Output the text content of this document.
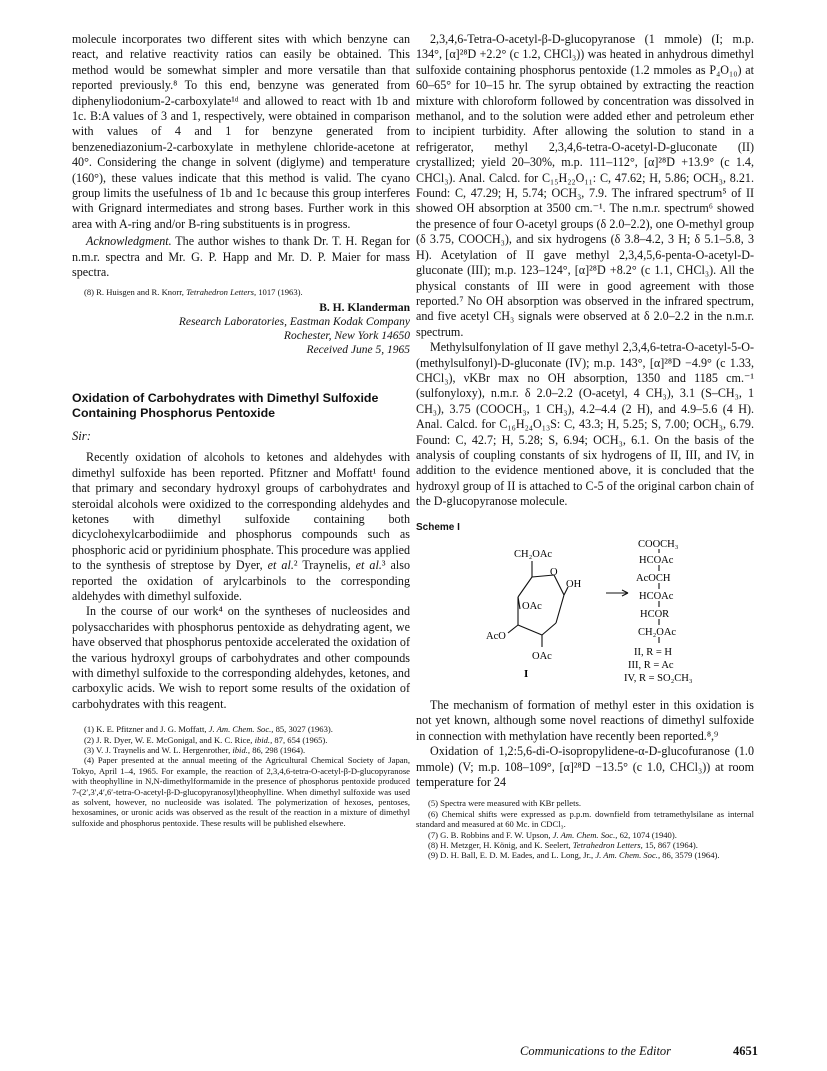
molecule incorporates two different sites with which benzyne can react, and relative reactivity ratios can easily be obtained. This method would be somewhat simpler and more versatile than that reported previously.⁸ To this end, benzyne was generated from diphenyliodonium-2-carboxylate¹ᵈ and allowed to react with 1b and 1c. B:A values of 3 and 1, respectively, were obtained in comparison with values of 4 and 1 for benzyne generated from benzenediazonium-2-carboxylate in methylene chloride-acetone at 40°. Considering the change in solvent (diglyme) and temperature (160°), these values indicate that this method is valid. The cyano group limits the usefulness of 1b and 1c because this group interferes with Grignard intermediates and strong bases. Further work in this area with A-ring and/or B-ring substituents is in progress.

Acknowledgment. The author wishes to thank Dr. T. H. Regan for n.m.r. spectra and Mr. G. P. Happ and Mr. D. P. Maier for mass spectra.

(8) R. Huisgen and R. Knorr, Tetrahedron Letters, 1017 (1963).

B. H. Klanderman

Research Laboratories, Eastman Kodak Company

Rochester, New York 14650

Received June 5, 1965

Oxidation of Carbohydrates with Dimethyl Sulfoxide Containing Phosphorus Pentoxide

Sir:

Recently oxidation of alcohols to ketones and aldehydes with dimethyl sulfoxide has been reported. Pfitzner and Moffatt¹ found that primary and secondary hydroxyl groups of carbohydrates and steroidal alcohols were oxidized to the corresponding aldehydes and ketones with dimethyl sulfoxide containing both dicyclohexylcarbodiimide and phosphorus compounds such as phosphoric acid or pyridinium phosphate. This procedure was applied to the synthesis of streptose by Dyer, et al.² Traynelis, et al.³ also reported the oxidation of arylcarbinols to the corresponding aldehydes with dimethyl sulfoxide.

In the course of our work⁴ on the syntheses of nucleosides and polysaccharides with phosphorus pentoxide as dehydrating agent, we have observed that phosphorus pentoxide accelerated the oxidation of the various hydroxyl groups of carbohydrates and other compounds with dimethyl sulfoxide to the corresponding aldehydes, ketones, and carboxylic acids. We wish to report some results of the oxidation of carbohydrates with this reagent.

(1) K. E. Pfitzner and J. G. Moffatt, J. Am. Chem. Soc., 85, 3027 (1963).

(2) J. R. Dyer, W. E. McGonigal, and K. C. Rice, ibid., 87, 654 (1965).

(3) V. J. Traynelis and W. L. Hergenrother, ibid., 86, 298 (1964).

(4) Paper presented at the annual meeting of the Agricultural Chemical Society of Japan, Tokyo, April 1–4, 1965. For example, the reaction of 2,3,4,6-tetra-O-acetyl-β-D-glucopyranose with theophylline in N,N-dimethylformamide in the presence of phosphorus pentoxide produced 7-(2′,3′,4′,6′-tetra-O-acetyl-β-D-glucopyranosyl)theophylline. When dimethyl sulfoxide was used as solvent, however, no nucleoside was isolated. The polymerization of hexoses, pentoses, hexosamines, or uronic acids was observed as the result of the reaction in a mixture of dimethyl sulfoxide and phosphorus pentoxide. These results will be published elsewhere.

2,3,4,6-Tetra-O-acetyl-β-D-glucopyranose (1 mmole) (I; m.p. 134°, [α]²⁸D +2.2° (c 1.2, CHCl₃)) was heated in anhydrous dimethyl sulfoxide containing phosphorus pentoxide (1.2 mmoles as P₄O₁₀) at 60–65° for 10–15 hr. The syrup obtained by extracting the reaction mixture with chloroform followed by concentration was dissolved in methanol, and to the solution were added ether and petroleum ether to incipient turbidity. After allowing the solution to stand in a refrigerator, methyl 2,3,4,6-tetra-O-acetyl-D-gluconate (II) crystallized; yield 20–30%, m.p. 111–112°, [α]²⁸D +13.9° (c 1.4, CHCl₃). Anal. Calcd. for C₁₅H₂₂O₁₁: C, 47.62; H, 5.86; OCH₃, 8.21. Found: C, 47.29; H, 5.74; OCH₃, 7.9. The infrared spectrum⁵ of II showed OH absorption at 3500 cm.⁻¹. The n.m.r. spectrum⁶ showed the presence of four O-acetyl groups (δ 2.0–2.2), one O-methyl group (δ 3.75, COOCH₃), and six hydrogens (δ 3.8–4.2, 3 H; δ 5.1–5.8, 3 H). Acetylation of II gave methyl 2,3,4,5,6-penta-O-acetyl-D-gluconate (III); m.p. 123–124°, [α]²⁸D +8.2° (c 1.1, CHCl₃). All the physical constants of III were in good agreement with those reported.⁷ No OH absorption was observed in the infrared spectrum, and five acetyl CH₃ signals were observed at δ 2.0–2.2 in the n.m.r. spectrum.

Methylsulfonylation of II gave methyl 2,3,4,6-tetra-O-acetyl-5-O-(methylsulfonyl)-D-gluconate (IV); m.p. 143°, [α]²⁸D −4.9° (c 1.33, CHCl₃), νKBr max no OH absorption, 1350 and 1185 cm.⁻¹ (sulfonyloxy), n.m.r. δ 2.0–2.2 (O-acetyl, 4 CH₃), 3.1 (S–CH₃, 1 CH₃), 3.75 (COOCH₃, 1 CH₃), 4.2–4.4 (2 H), and 4.9–5.6 (4 H). Anal. Calcd. for C₁₆H₂₄O₁₃S: C, 43.3; H, 5.25; S, 7.00; OCH₃, 6.79. Found: C, 42.7; H, 5.28; S, 6.94; OCH₃, 6.1. On the basis of the analysis of coupling constants of six hydrogens of II, III, and IV, in addition to the evidence mentioned above, it is concluded that the hydroxyl group of II is attached to C-5 of the original carbon chain of the D-glucopyranose molecule.

Scheme I

CH₂OAc
O
OH
OAc
AcO
OAc
I
COOCH₃
HCOAc
AcOCH
HCOAc
HCOR
CH₂OAc
II, R = H
III, R = Ac
IV, R = SO₂CH₃

The mechanism of formation of methyl ester in this oxidation is not yet known, although some novel reactions of dimethyl sulfoxide in connection with methylation have recently been reported.⁸,⁹

Oxidation of 1,2:5,6-di-O-isopropylidene-α-D-glucofuranose (1.0 mmole) (V; m.p. 108–109°, [α]²⁸D −13.5° (c 1.0, CHCl₃)) at room temperature for 24

(5) Spectra were measured with KBr pellets.

(6) Chemical shifts were expressed as p.p.m. downfield from tetramethylsilane as internal standard and measured at 60 Mc. in CDCl₃.

(7) G. B. Robbins and F. W. Upson, J. Am. Chem. Soc., 62, 1074 (1940).

(8) H. Metzger, H. König, and K. Seelert, Tetrahedron Letters, 15, 867 (1964).

(9) D. H. Ball, E. D. M. Eades, and L. Long, Jr., J. Am. Chem. Soc., 86, 3579 (1964).

Communications to the Editor	4651
